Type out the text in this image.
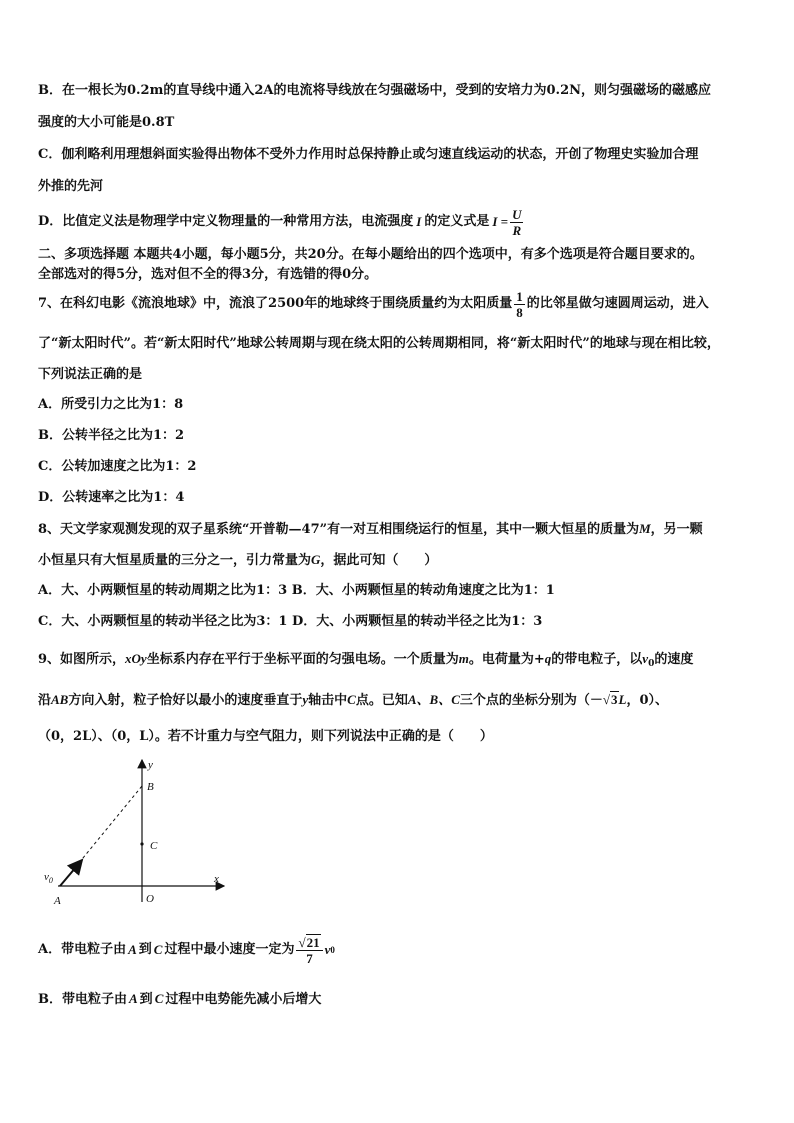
B．在一根长为0.2m的直导线中通入2A的电流将导线放在匀强磁场中，受到的安培力为0.2N，则匀强磁场的磁感应
强度的大小可能是0.8T
C．伽利略利用理想斜面实验得出物体不受外力作用时总保持静止或匀速直线运动的状态，开创了物理史实验加合理
外推的先河
D．比值定义法是物理学中定义物理量的一种常用方法，电流强度 I 的定义式是 $I = \frac{U}{R}$
二、多项选择题 本题共4小题，每小题5分，共20分。在每小题给出的四个选项中，有多个选项是符合题目要求的。
全部选对的得5分，选对但不全的得3分，有选错的得0分。
7、在科幻电影《流浪地球》中，流浪了2500年的地球终于围绕质量约为太阳质量 $\frac{1}{8}$ 的比邻星做匀速圆周运动，进入
了“新太阳时代”。若“新太阳时代”地球公转周期与现在绕太阳的公转周期相同，将“新太阳时代”的地球与现在相比较，
下列说法正确的是
A．所受引力之比为1：8
B．公转半径之比为1：2
C．公转加速度之比为1：2
D．公转速率之比为1：4
8、天文学家观测发现的双子星系统“开普勒—47”有一对互相围绕运行的恒星，其中一颗大恒星的质量为M，另一颗
小恒星只有大恒星质量的三分之一，引力常量为G，据此可知（　　）
A．大、小两颗恒星的转动周期之比为1：3 B．大、小两颗恒星的转动角速度之比为1：1
C．大、小两颗恒星的转动半径之比为3：1 D．大、小两颗恒星的转动半径之比为1：3
9、如图所示，xOy坐标系内存在平行于坐标平面的匀强电场。一个质量为m。电荷量为+q的带电粒子，以$v_0$的速度
沿AB方向入射，粒子恰好以最小的速度垂直于y轴击中C点。已知A、B、C三个点的坐标分别为（－√3L，0）、
（0，2L）、（0，L）。若不计重力与空气阻力，则下列说法中正确的是（　　）
y
B
C
x
O
A
$v_0$
A．带电粒子由 A 到 C 过程中最小速度一定为 $\frac{√21}{7}$ v 0
B．带电粒子由 A 到 C 过程中电势能先减小后增大
